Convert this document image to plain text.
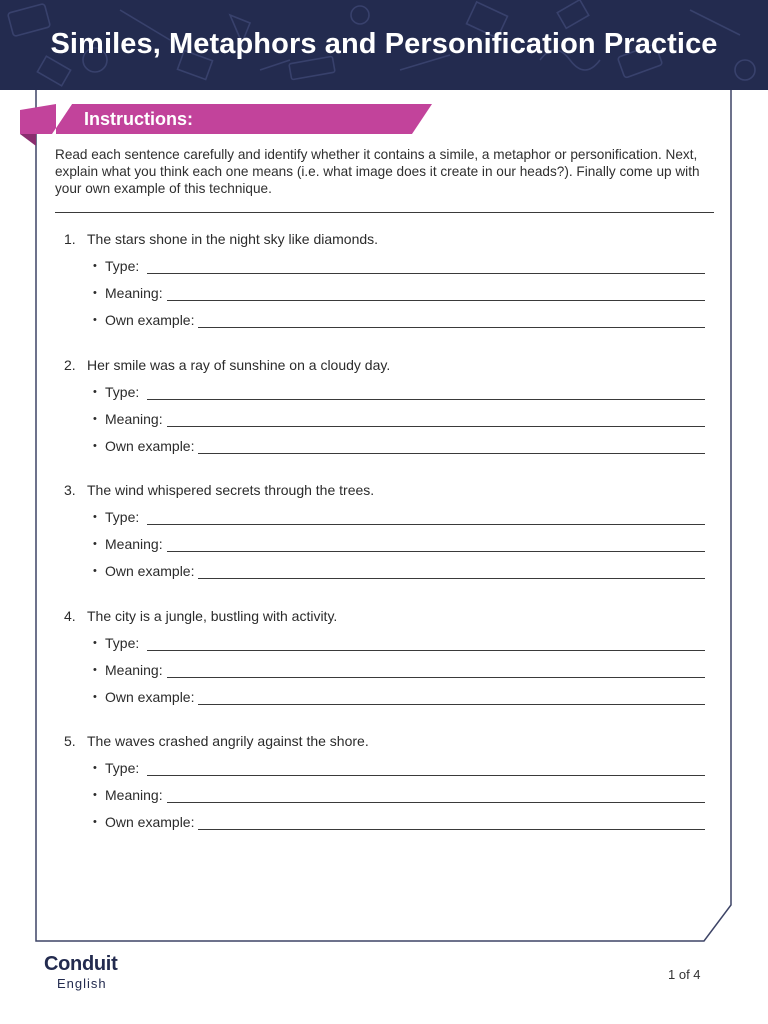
Similes, Metaphors and Personification Practice
Instructions:
Read each sentence carefully and identify whether it contains a simile, a metaphor or personification. Next, explain what you think each one means (i.e. what image does it create in our heads?). Finally come up with your own example of this technique.
1. The stars shone in the night sky like diamonds.
• Type:
• Meaning:
• Own example:
2. Her smile was a ray of sunshine on a cloudy day.
• Type:
• Meaning:
• Own example:
3. The wind whispered secrets through the trees.
• Type:
• Meaning:
• Own example:
4. The city is a jungle, bustling with activity.
• Type:
• Meaning:
• Own example:
5. The waves crashed angrily against the shore.
• Type:
• Meaning:
• Own example:
Conduit
English
1 of 4
